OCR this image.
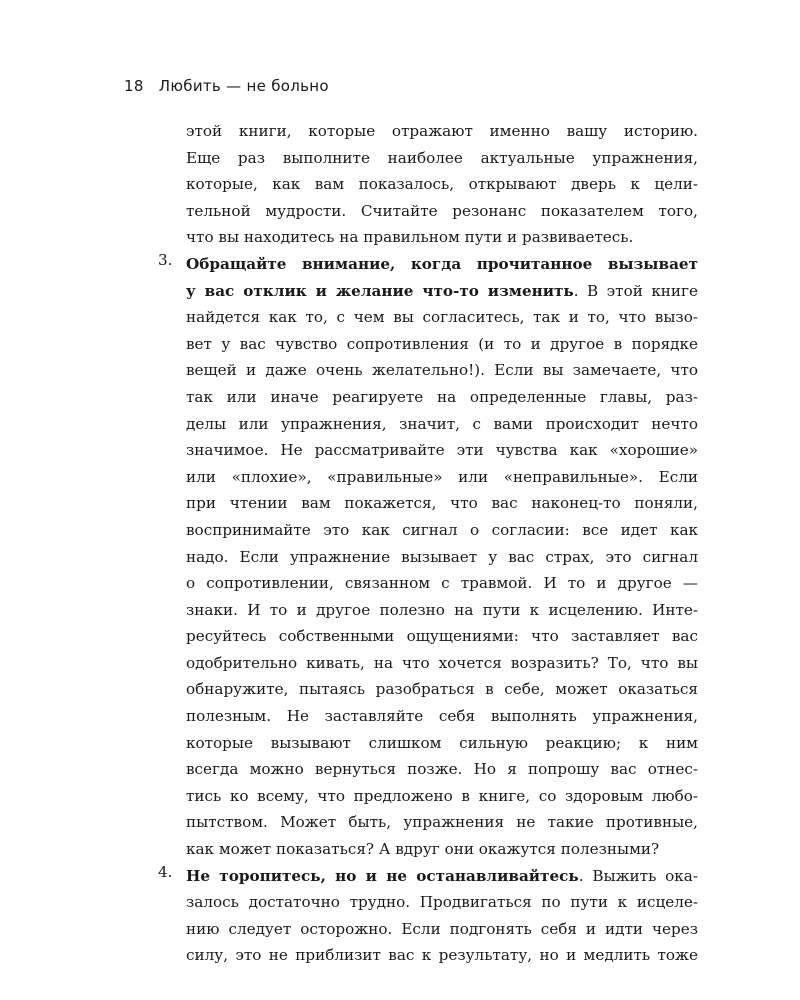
18 Любить — не больно
этой книги, которые отражают именно вашу историю.
Еще раз выполните наиболее актуальные упражнения,
которые, как вам показалось, открывают дверь к цели-
тельной мудрости. Считайте резонанс показателем того,
что вы находитесь на правильном пути и развиваетесь.
3. Обращайте внимание, когда прочитанное вызывает
у вас отклик и желание что-то изменить. В этой книге
найдется как то, с чем вы согласитесь, так и то, что вызо-
вет у вас чувство сопротивления (и то и другое в порядке
вещей и даже очень желательно!). Если вы замечаете, что
так или иначе реагируете на определенные главы, раз-
делы или упражнения, значит, с вами происходит нечто
значимое. Не рассматривайте эти чувства как «хорошие»
или «плохие», «правильные» или «неправильные». Если
при чтении вам покажется, что вас наконец-то поняли,
воспринимайте это как сигнал о согласии: все идет как
надо. Если упражнение вызывает у вас страх, это сигнал
о сопротивлении, связанном с травмой. И то и другое —
знаки. И то и другое полезно на пути к исцелению. Инте-
ресуйтесь собственными ощущениями: что заставляет вас
одобрительно кивать, на что хочется возразить? То, что вы
обнаружите, пытаясь разобраться в себе, может оказаться
полезным. Не заставляйте себя выполнять упражнения,
которые вызывают слишком сильную реакцию; к ним
всегда можно вернуться позже. Но я попрошу вас отнес-
тись ко всему, что предложено в книге, со здоровым любо-
пытством. Может быть, упражнения не такие противные,
как может показаться? А вдруг они окажутся полезными?
4. Не торопитесь, но и не останавливайтесь. Выжить ока-
залось достаточно трудно. Продвигаться по пути к исцеле-
нию следует осторожно. Если подгонять себя и идти через
силу, это не приблизит вас к результату, но и медлить тоже
